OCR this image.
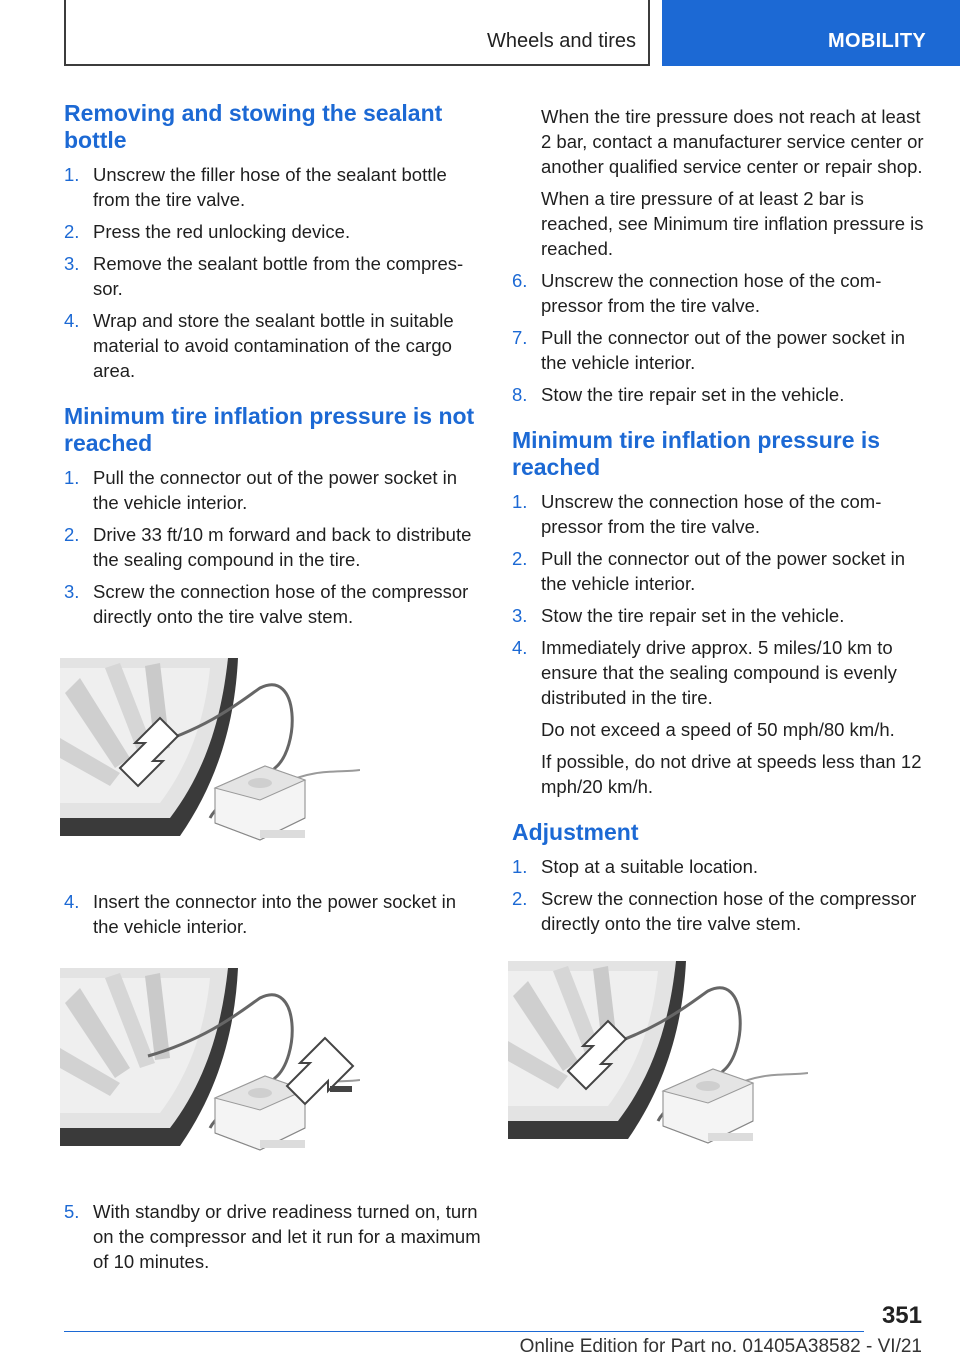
Wheels and tires	MOBILITY
Removing and stowing the sealant bottle
1. Unscrew the filler hose of the sealant bottle from the tire valve.
2. Press the red unlocking device.
3. Remove the sealant bottle from the compressor.
4. Wrap and store the sealant bottle in suitable material to avoid contamination of the cargo area.
Minimum tire inflation pressure is not reached
1. Pull the connector out of the power socket in the vehicle interior.
2. Drive 33 ft/10 m forward and back to distribute the sealing compound in the tire.
3. Screw the connection hose of the compressor directly onto the tire valve stem.
4. Insert the connector into the power socket in the vehicle interior.
5. With standby or drive readiness turned on, turn on the compressor and let it run for a maximum of 10 minutes.

When the tire pressure does not reach at least 2 bar, contact a manufacturer service center or another qualified service center or repair shop.

When a tire pressure of at least 2 bar is reached, see Minimum tire inflation pressure is reached.

6. Unscrew the connection hose of the compressor from the tire valve.
7. Pull the connector out of the power socket in the vehicle interior.
8. Stow the tire repair set in the vehicle.
Minimum tire inflation pressure is reached
1. Unscrew the connection hose of the compressor from the tire valve.
2. Pull the connector out of the power socket in the vehicle interior.
3. Stow the tire repair set in the vehicle.
4. Immediately drive approx. 5 miles/10 km to ensure that the sealing compound is evenly distributed in the tire.
Do not exceed a speed of 50 mph/80 km/h.
If possible, do not drive at speeds less than 12 mph/20 km/h.
Adjustment
1. Stop at a suitable location.
2. Screw the connection hose of the compressor directly onto the tire valve stem.
351
Online Edition for Part no. 01405A38582 - VI/21
